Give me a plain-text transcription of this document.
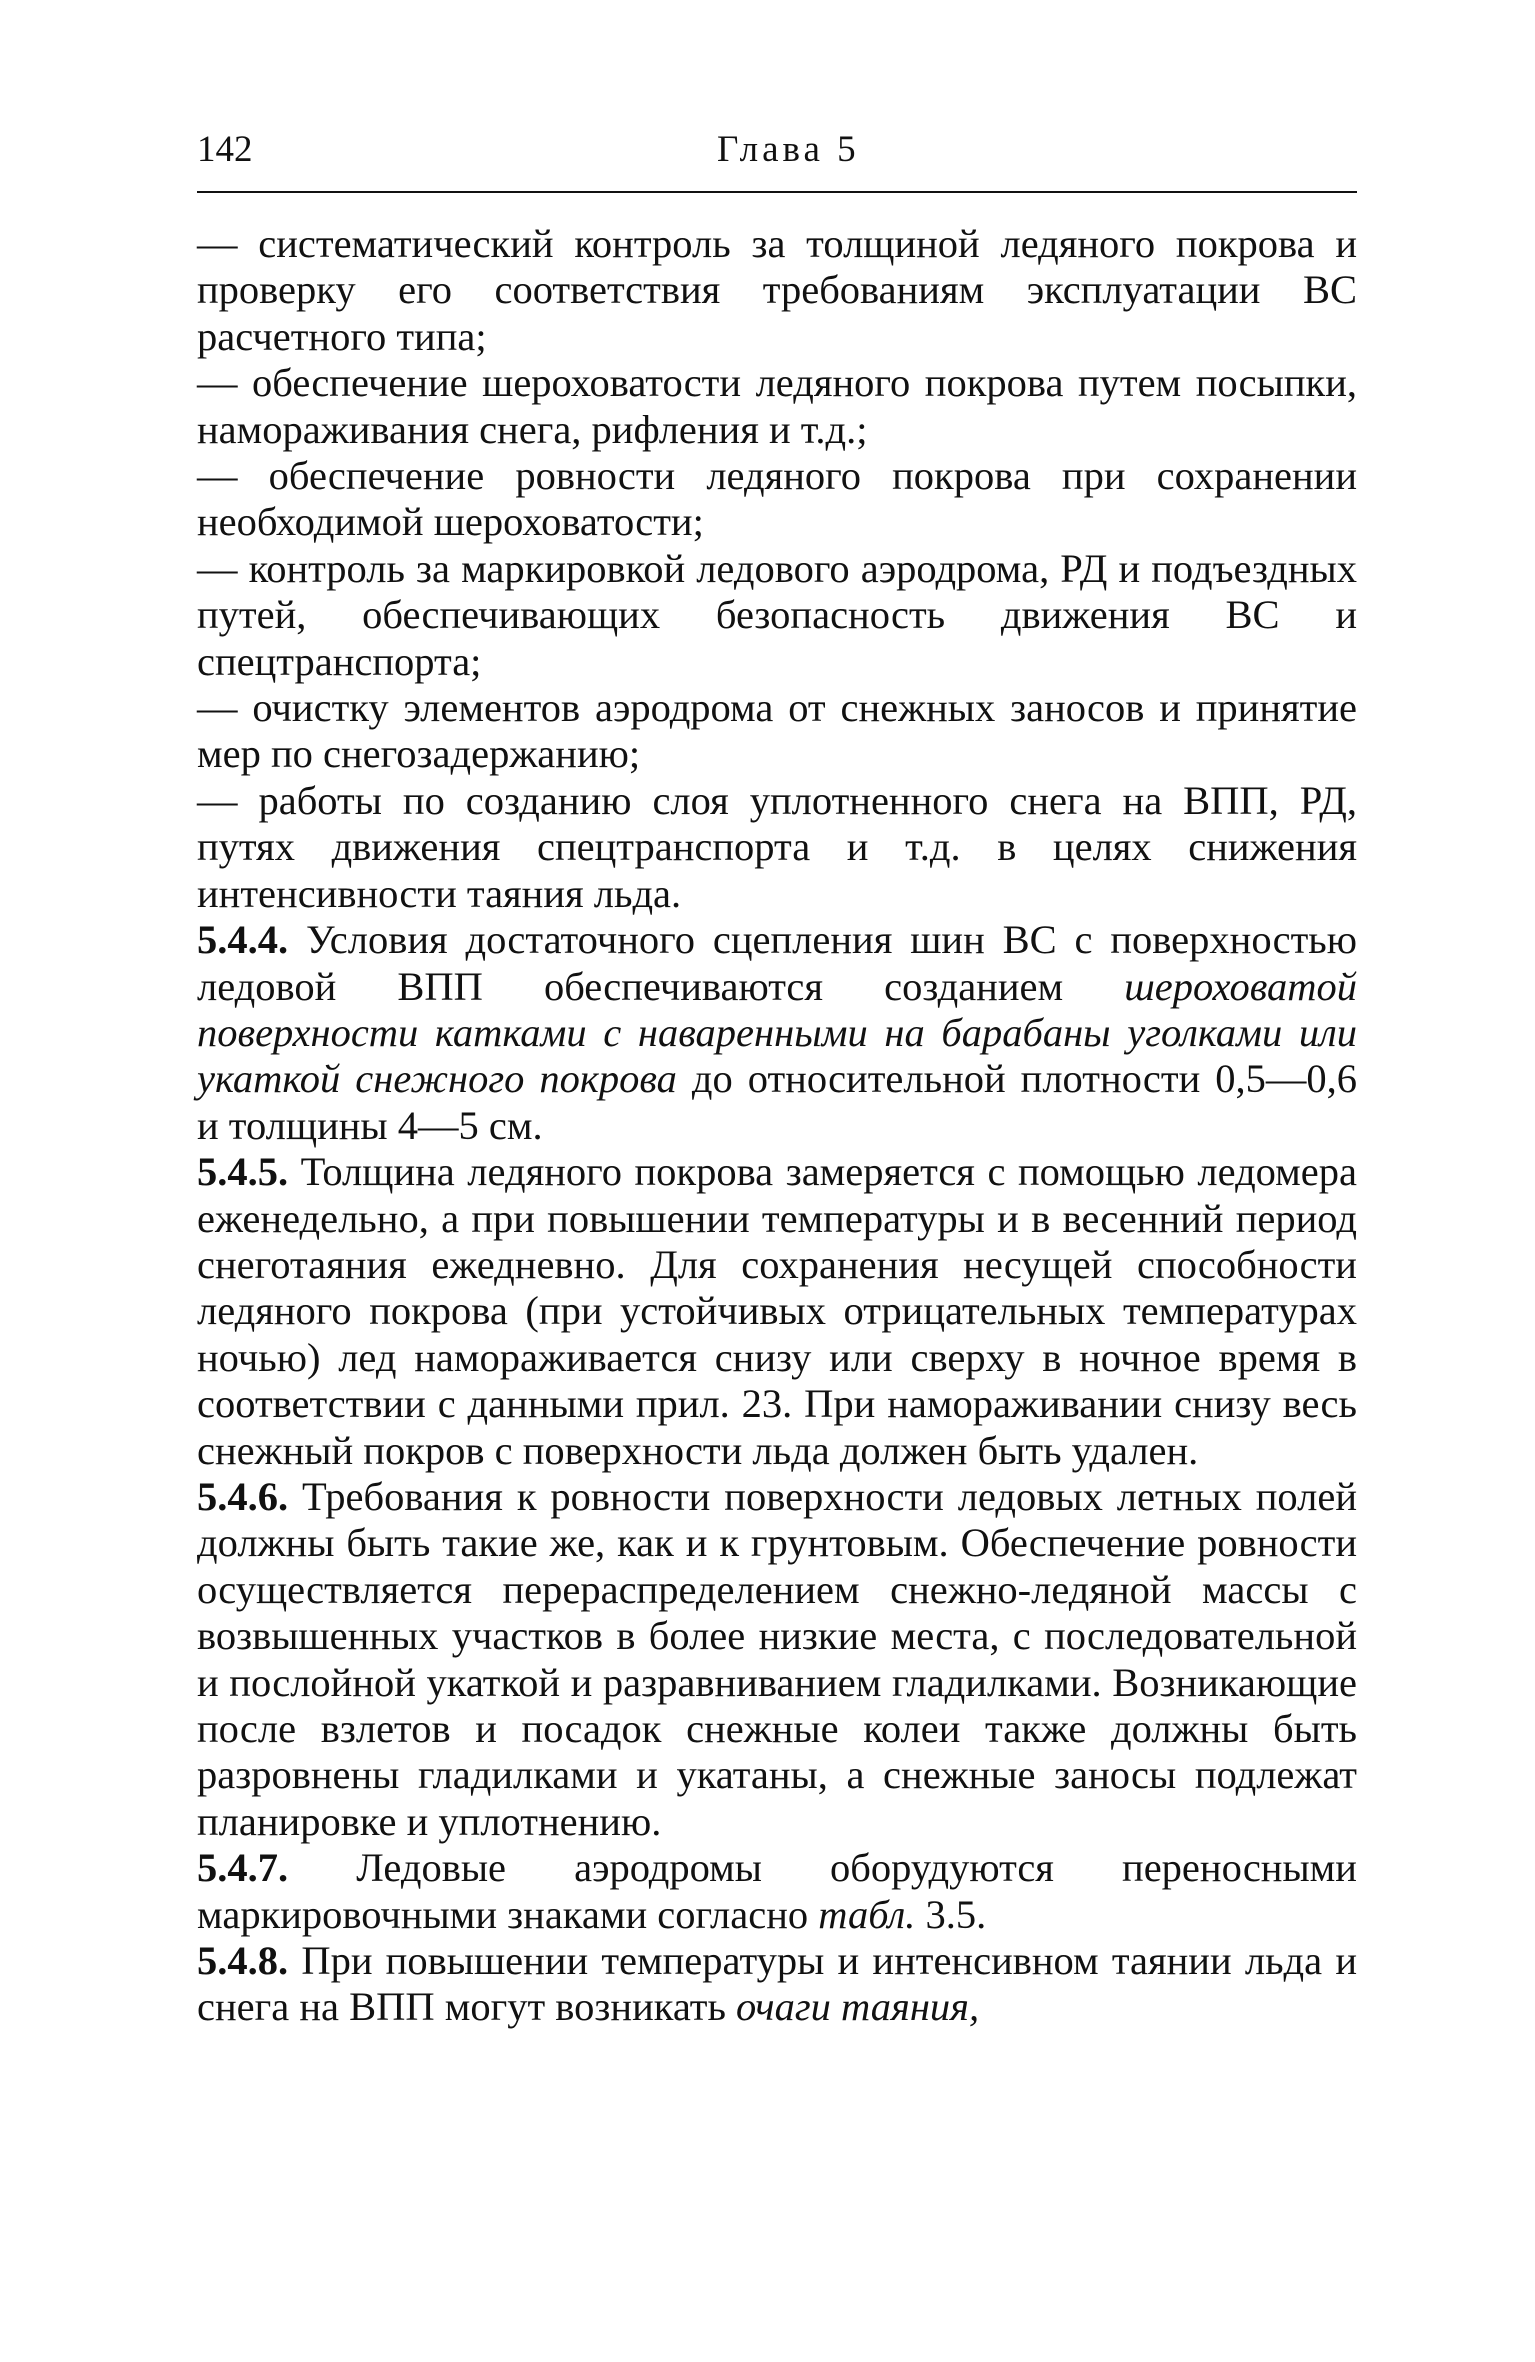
142	Глава 5

— систематический контроль за толщиной ледяного покрова и проверку его соответствия требованиям эксплуатации ВС расчетного типа;

— обеспечение шероховатости ледяного покрова путем посыпки, намораживания снега, рифления и т.д.;

— обеспечение ровности ледяного покрова при сохранении необходимой шероховатости;

— контроль за маркировкой ледового аэродрома, РД и подъездных путей, обеспечивающих безопасность движения ВС и спецтранспорта;

— очистку элементов аэродрома от снежных заносов и принятие мер по снегозадержанию;

— работы по созданию слоя уплотненного снега на ВПП, РД, путях движения спецтранспорта и т.д. в целях снижения интенсивности таяния льда.

5.4.4. Условия достаточного сцепления шин ВС с поверхностью ледовой ВПП обеспечиваются созданием шероховатой поверхности катками с наваренными на барабаны уголками или укаткой снежного покрова до относительной плотности 0,5—0,6 и толщины 4—5 см.

5.4.5. Толщина ледяного покрова замеряется с помощью ледомера еженедельно, а при повышении температуры и в весенний период снеготаяния ежедневно. Для сохранения несущей способности ледяного покрова (при устойчивых отрицательных температурах ночью) лед намораживается снизу или сверху в ночное время в соответствии с данными прил. 23. При намораживании снизу весь снежный покров с поверхности льда должен быть удален.

5.4.6. Требования к ровности поверхности ледовых летных полей должны быть такие же, как и к грунтовым. Обеспечение ровности осуществляется перераспределением снежно-ледяной массы с возвышенных участков в более низкие места, с последовательной и послойной укаткой и разравниванием гладилками. Возникающие после взлетов и посадок снежные колеи также должны быть разровнены гладилками и укатаны, а снежные заносы подлежат планировке и уплотнению.

5.4.7. Ледовые аэродромы оборудуются переносными маркировочными знаками согласно табл. 3.5.

5.4.8. При повышении температуры и интенсивном таянии льда и снега на ВПП могут возникать очаги таяния,
